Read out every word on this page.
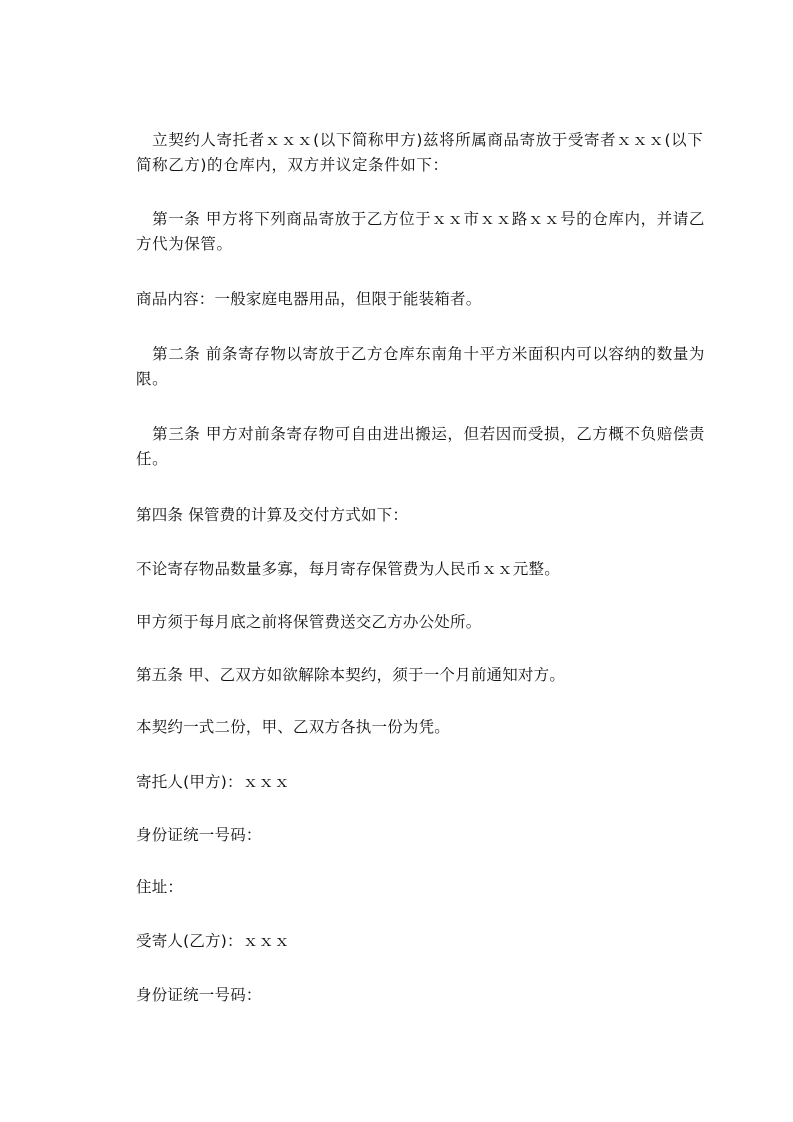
　立契约人寄托者ｘｘｘ(以下简称甲方)兹将所属商品寄放于受寄者ｘｘｘ(以下简称乙方)的仓库内，双方并议定条件如下：

　第一条 甲方将下列商品寄放于乙方位于ｘｘ市ｘｘ路ｘｘ号的仓库内，并请乙方代为保管。

商品内容：一般家庭电器用品，但限于能装箱者。

　第二条 前条寄存物以寄放于乙方仓库东南角十平方米面积内可以容纳的数量为限。

　第三条 甲方对前条寄存物可自由进出搬运，但若因而受损，乙方概不负赔偿责任。

第四条 保管费的计算及交付方式如下：

不论寄存物品数量多寡，每月寄存保管费为人民币ｘｘ元整。

甲方须于每月底之前将保管费送交乙方办公处所。

第五条 甲、乙双方如欲解除本契约，须于一个月前通知对方。

本契约一式二份，甲、乙双方各执一份为凭。

寄托人(甲方)：ｘｘｘ

身份证统一号码：

住址：

受寄人(乙方)：ｘｘｘ

身份证统一号码：
